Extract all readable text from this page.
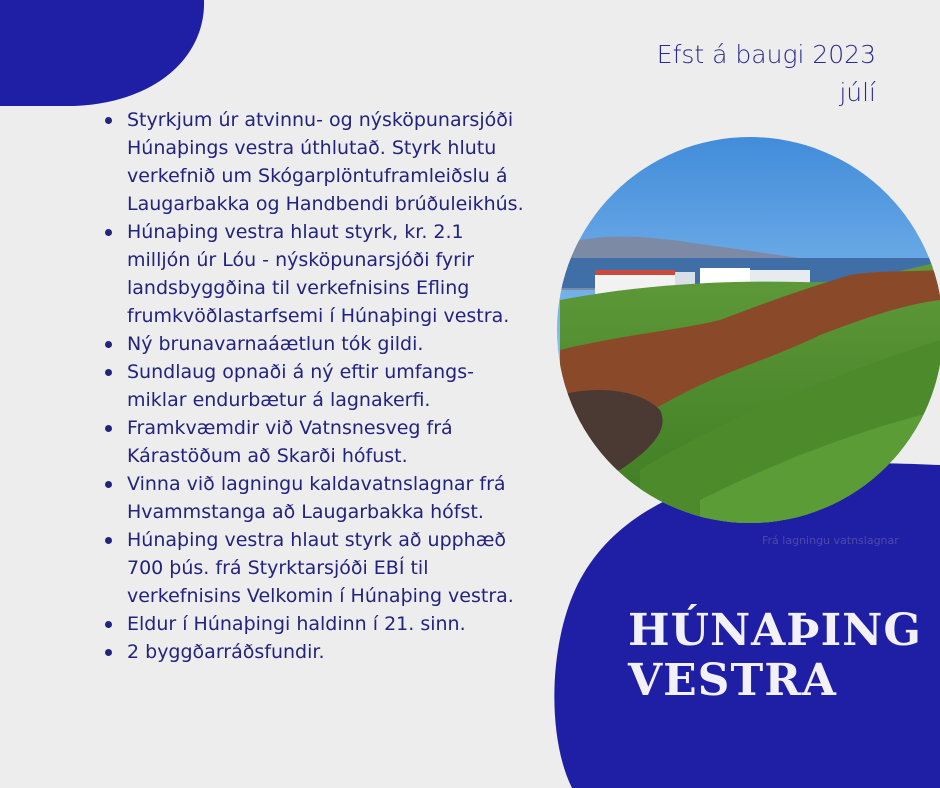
Efst á baugi 2023
júlí
Styrkjum úr atvinnu- og nýsköpunarsjóði Húnaþings vestra úthlutað. Styrk hlutu verkefnið um Skógarplöntuframleiðslu á Laugarbakka og Handbendi brúðuleikhús.
Húnaþing vestra hlaut styrk, kr. 2.1 milljón úr Lóu - nýsköpunarsjóði fyrir landsbyggðina til verkefnisins Efling frumkvöðlastarfsemi í Húnaþingi vestra.
Ný brunavarnaáætlun tók gildi.
Sundlaug opnaði á ný eftir umfangs-miklar endurbætur á lagnakerfi.
Framkvæmdir við Vatnsnesveg frá Kárastöðum að Skarði hófust.
Vinna við lagningu kaldavatnslagnar frá Hvammstanga að Laugarbakka hófst.
Húnaþing vestra hlaut styrk að upphæð 700 þús. frá Styrktarsjóði EBÍ til verkefnisins Velkomin í Húnaþing vestra.
Eldur í Húnaþingi haldinn í 21. sinn.
2 byggðarráðsfundir.
Frá lagningu vatnslagnar
HÚNAÞING
VESTRA
